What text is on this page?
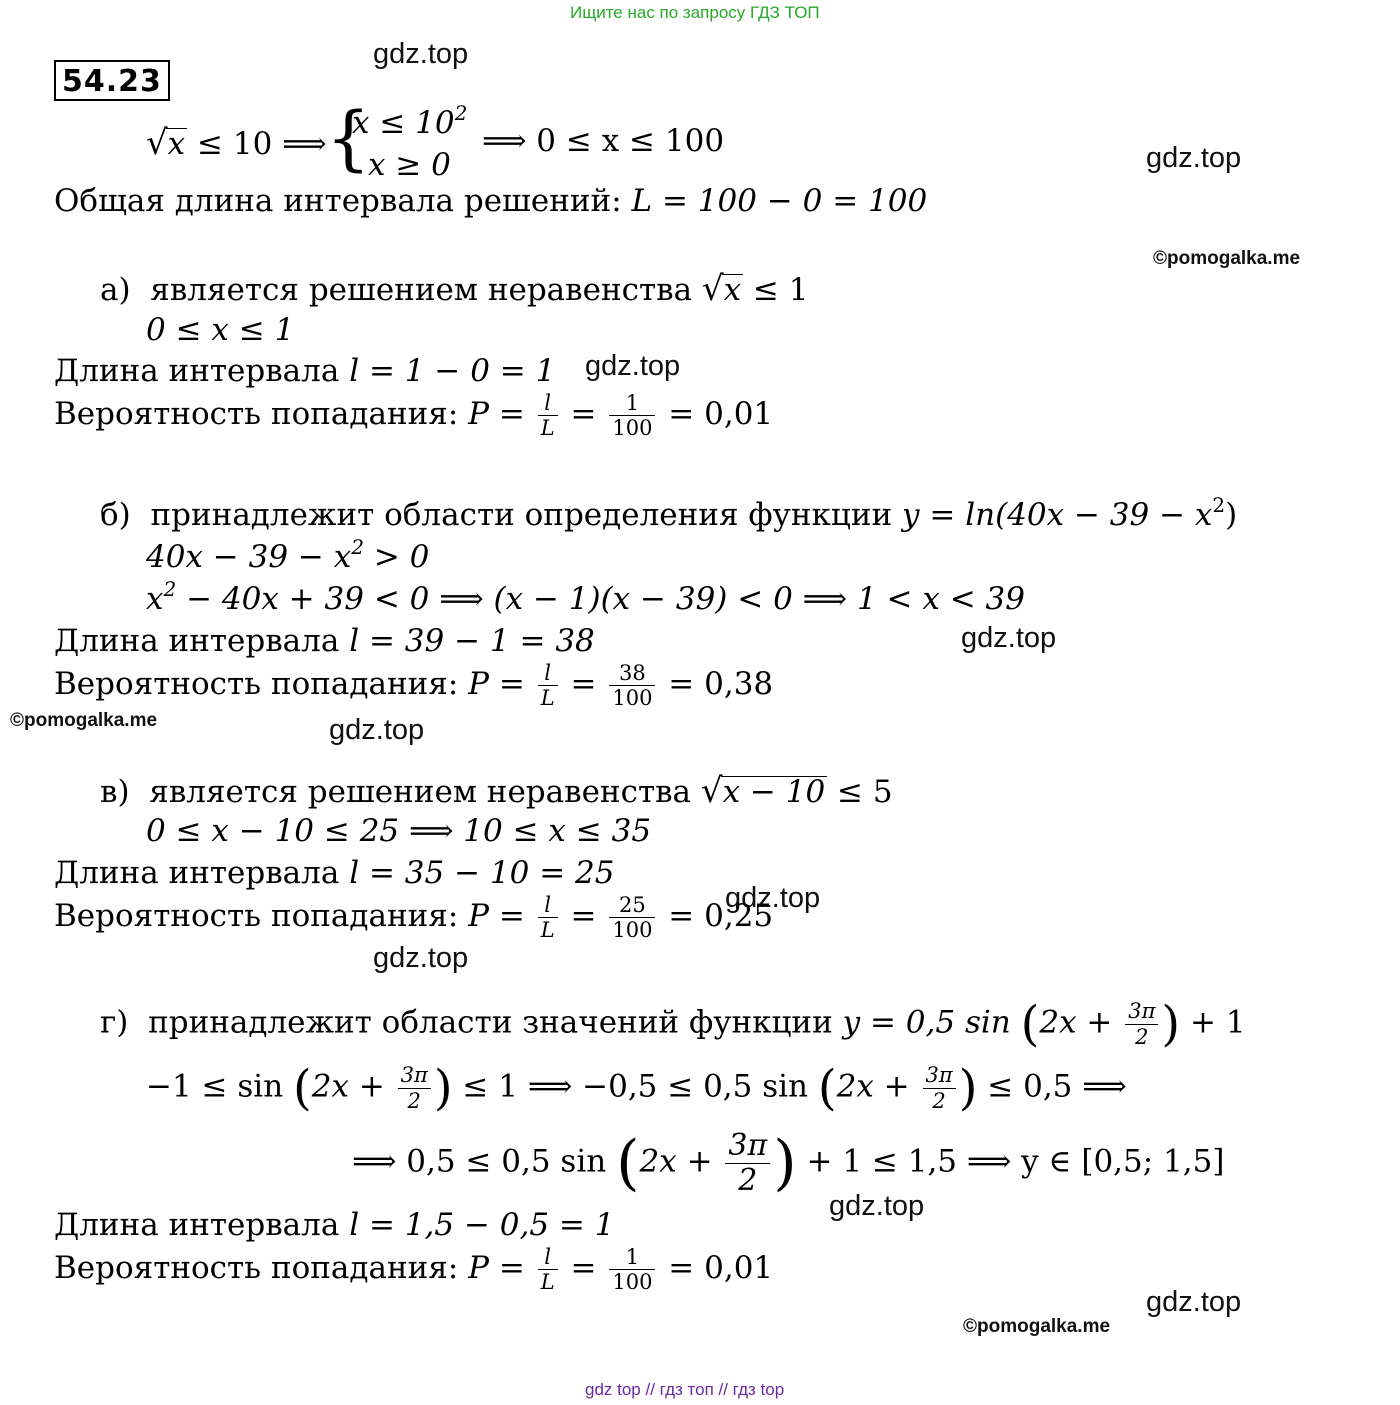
Ищите нас по запросу ГДЗ ТОП
54.23
gdz.top
gdz.top
©pomogalka.me
gdz.top
gdz.top
©pomogalka.me	gdz.top
gdz.top
gdz.top
gdz.top
gdz.top
©pomogalka.me
√x ≤ 10 ⟹ {
$x \le 10^2$
x ≥ 0
⟹ 0 ≤ x ≤ 100
Общая длина интервала решений: L = 100 − 0 = 100
а) является решением неравенства √x ≤ 1
0 ≤ x ≤ 1
Длина интервала l = 1 − 0 = 1
Вероятность попадания: $P = \frac{l}{L} = \frac{1}{100} = 0,01$
б) принадлежит области определения функции $y = \ln(40x - 39 - x^2)$
$40x - 39 - x^2 > 0$
$x^2 - 40x + 39 < 0$ ⟹ (x − 1)(x − 39) < 0 ⟹ 1 < x < 39
Длина интервала l = 39 − 1 = 38
Вероятность попадания: $P = \frac{l}{L} = \frac{38}{100} = 0,38$
в) является решением неравенства √x − 10 ≤ 5
0 ≤ x − 10 ≤ 25 ⟹ 10 ≤ x ≤ 35
Длина интервала l = 35 − 10 = 25
Вероятность попадания: $P = \frac{l}{L} = \frac{25}{100} = 0,25$
г) принадлежит области значений функции y = 0,5 $\sin (2x + \frac{3\pi}{2}$ ) + 1
$-1 \le \sin (2x + \frac{3\pi}{2}$ ) ≤ 1 ⟹ −0,5 ≤ 0,5 $\sin (2x + \frac{3\pi}{2}$ ) ≤ 0,5 ⟹
⟹ 0,5 ≤ 0,5 $\sin (2x + \frac{3\pi}{2}$ ) + 1 ≤ 1,5 ⟹ y ∈ [0,5; 1,5]
Длина интервала l = 1,5 − 0,5 = 1
Вероятность попадания: $P = \frac{l}{L} = \frac{1}{100} = 0,01$
gdz top // гдз топ // гдз top
